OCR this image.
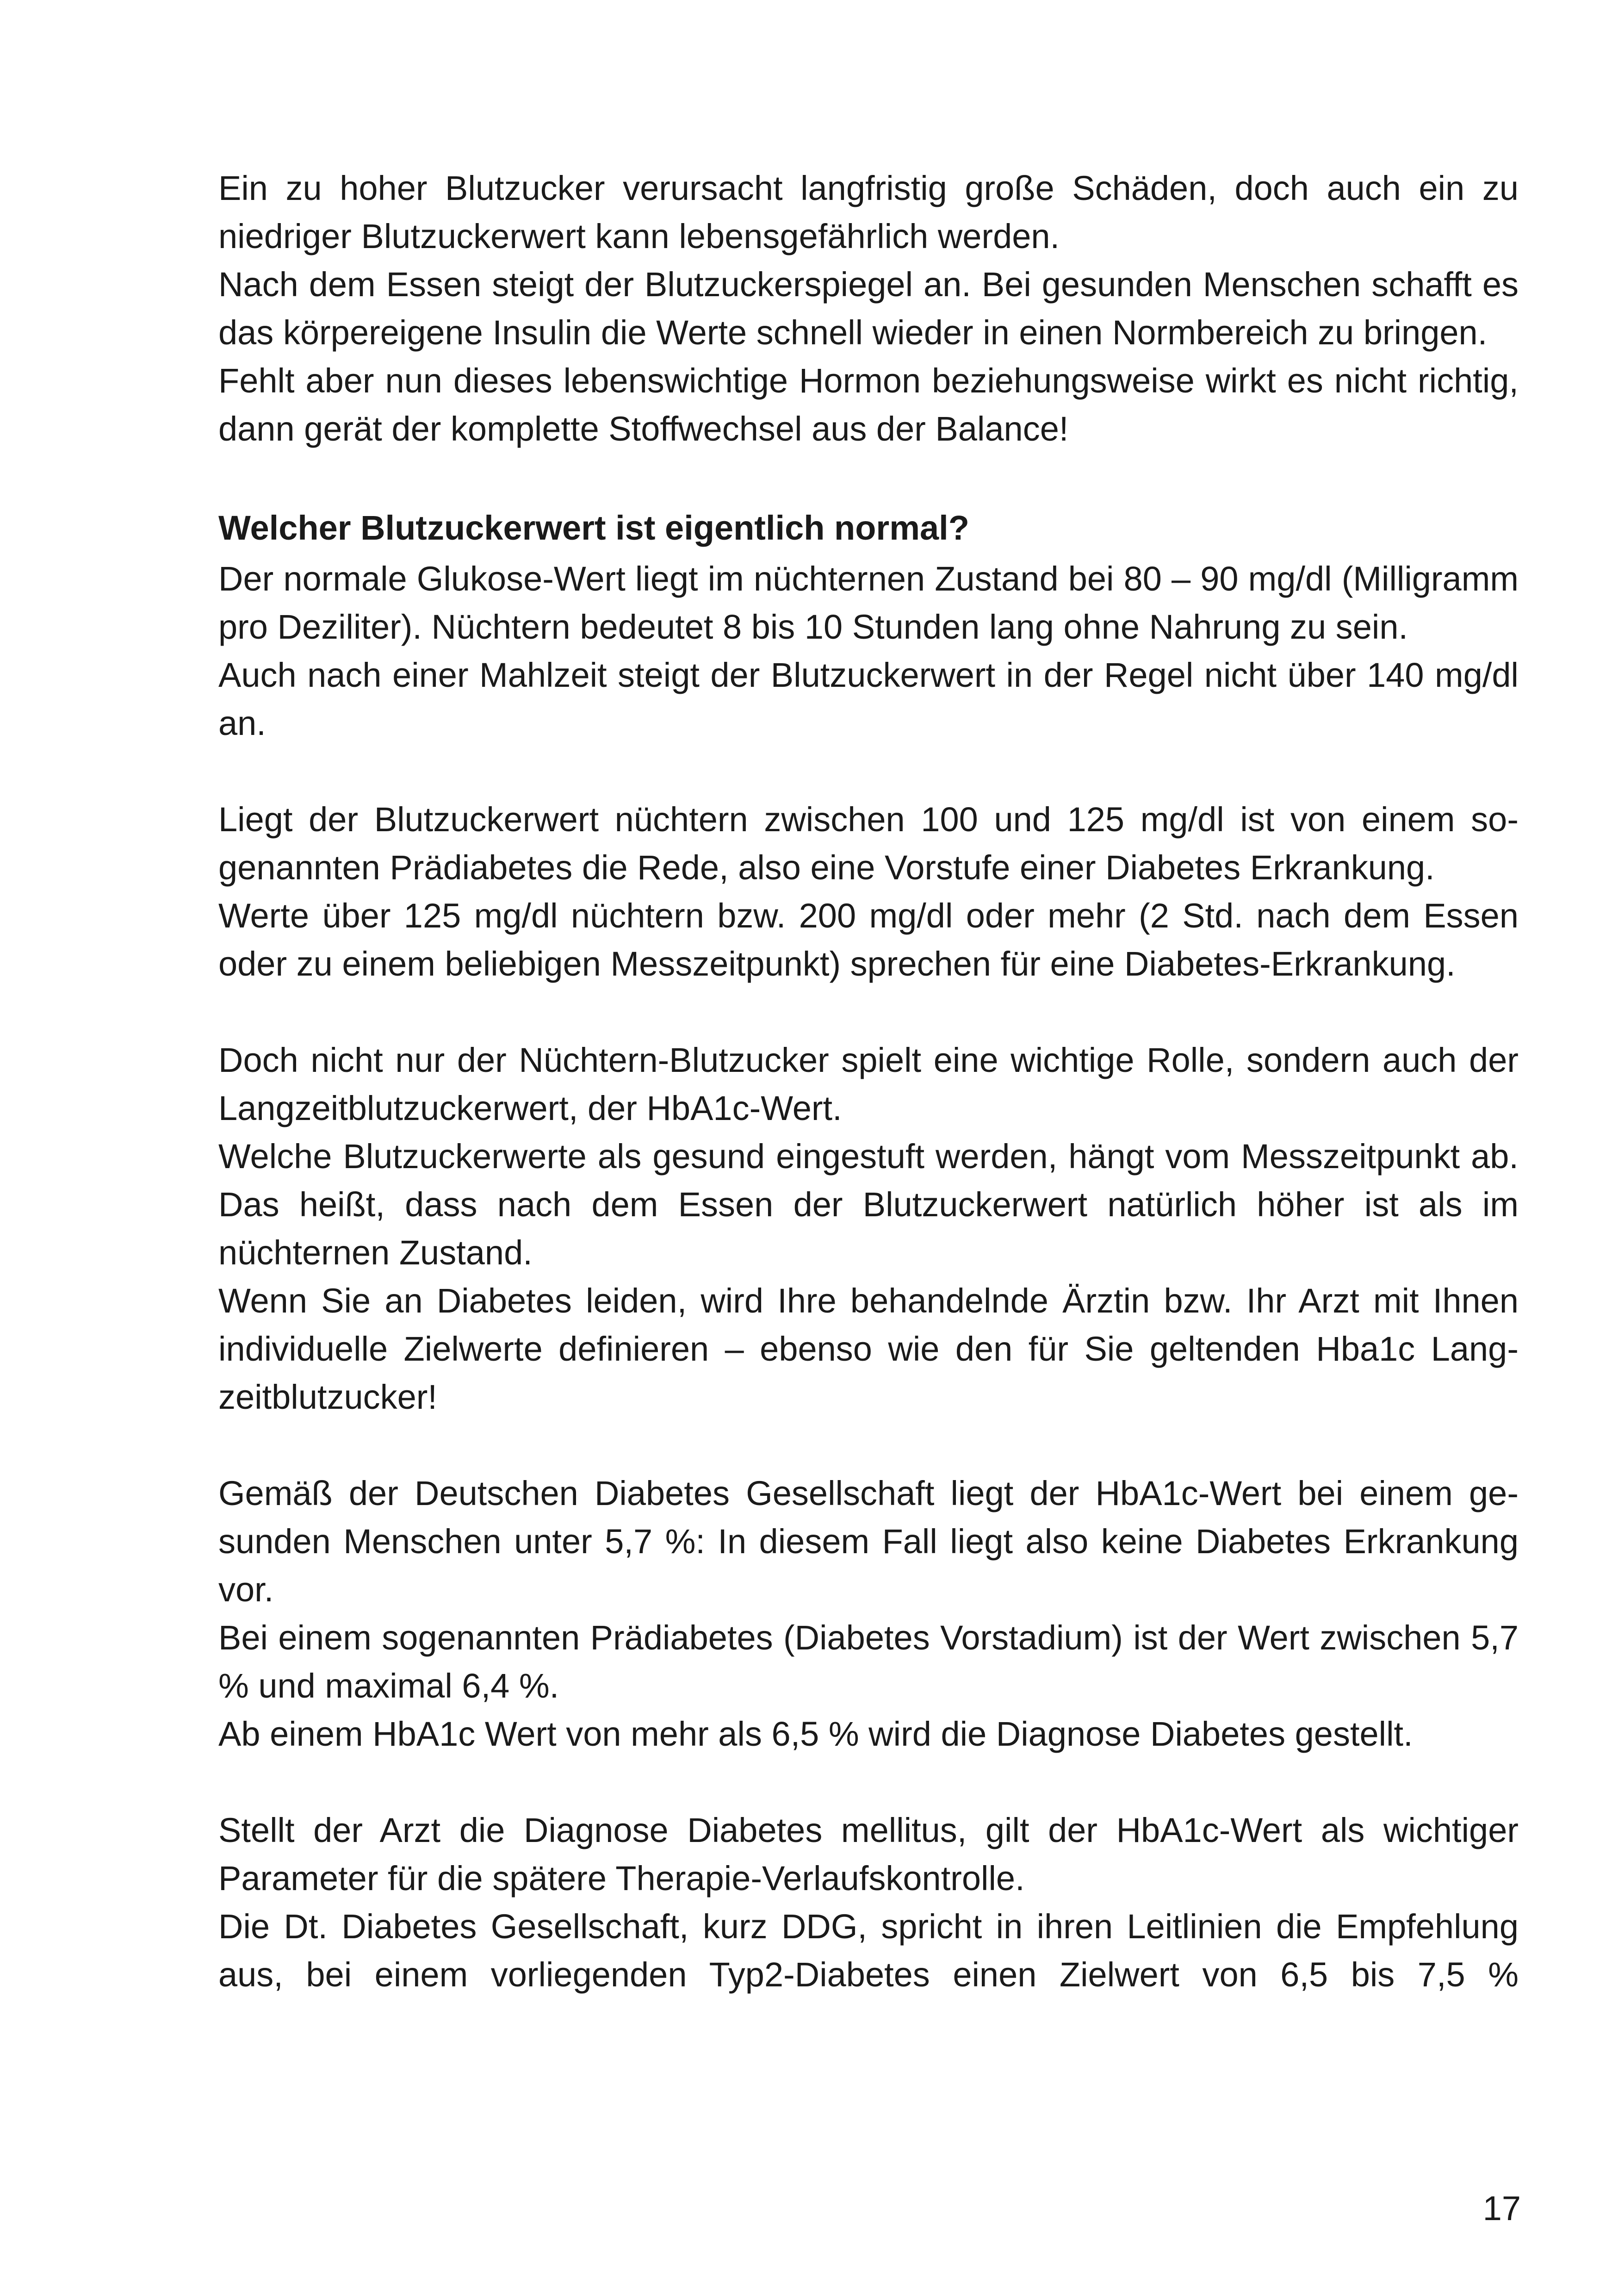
Ein zu hoher Blutzucker verursacht langfristig große Schäden, doch auch ein zu niedriger Blutzuckerwert kann lebensgefährlich werden.

Nach dem Essen steigt der Blutzuckerspiegel an. Bei gesunden Menschen schafft es das körpereigene Insulin die Werte schnell wieder in einen Normbereich zu bringen.

Fehlt aber nun dieses lebenswichtige Hormon beziehungsweise wirkt es nicht richtig, dann gerät der komplette Stoffwechsel aus der Balance!

Welcher Blutzuckerwert ist eigentlich normal?

Der normale Glukose-Wert liegt im nüchternen Zustand bei 80 – 90 mg/dl (Milligramm pro Deziliter). Nüchtern bedeutet 8 bis 10 Stunden lang ohne Nahrung zu sein.

Auch nach einer Mahlzeit steigt der Blutzuckerwert in der Regel nicht über 140 mg/dl an.

Liegt der Blutzuckerwert nüchtern zwischen 100 und 125 mg/dl ist von einem sogenannten Prädiabetes die Rede, also eine Vorstufe einer Diabetes Erkrankung.

Werte über 125 mg/dl nüchtern bzw. 200 mg/dl oder mehr (2 Std. nach dem Essen oder zu einem beliebigen Messzeitpunkt) sprechen für eine Diabetes-Erkrankung.

Doch nicht nur der Nüchtern-Blutzucker spielt eine wichtige Rolle, sondern auch der Langzeitblutzuckerwert, der HbA1c-Wert.

Welche Blutzuckerwerte als gesund eingestuft werden, hängt vom Messzeitpunkt ab. Das heißt, dass nach dem Essen der Blutzuckerwert natürlich höher ist als im nüchternen Zustand.

Wenn Sie an Diabetes leiden, wird Ihre behandelnde Ärztin bzw. Ihr Arzt mit Ihnen individuelle Zielwerte definieren – ebenso wie den für Sie geltenden Hba1c Langzeitblutzucker!

Gemäß der Deutschen Diabetes Gesellschaft liegt der HbA1c-Wert bei einem gesunden Menschen unter 5,7 %: In diesem Fall liegt also keine Diabetes Erkrankung vor.

Bei einem sogenannten Prädiabetes (Diabetes Vorstadium) ist der Wert zwischen 5,7 % und maximal 6,4 %.

Ab einem HbA1c Wert von mehr als 6,5 % wird die Diagnose Diabetes gestellt.

Stellt der Arzt die Diagnose Diabetes mellitus, gilt der HbA1c-Wert als wichtiger Parameter für die spätere Therapie-Verlaufskontrolle.

Die Dt. Diabetes Gesellschaft, kurz DDG, spricht in ihren Leitlinien die Empfehlung aus, bei einem vorliegenden Typ2-Diabetes einen Zielwert von 6,5 bis 7,5 %

17
